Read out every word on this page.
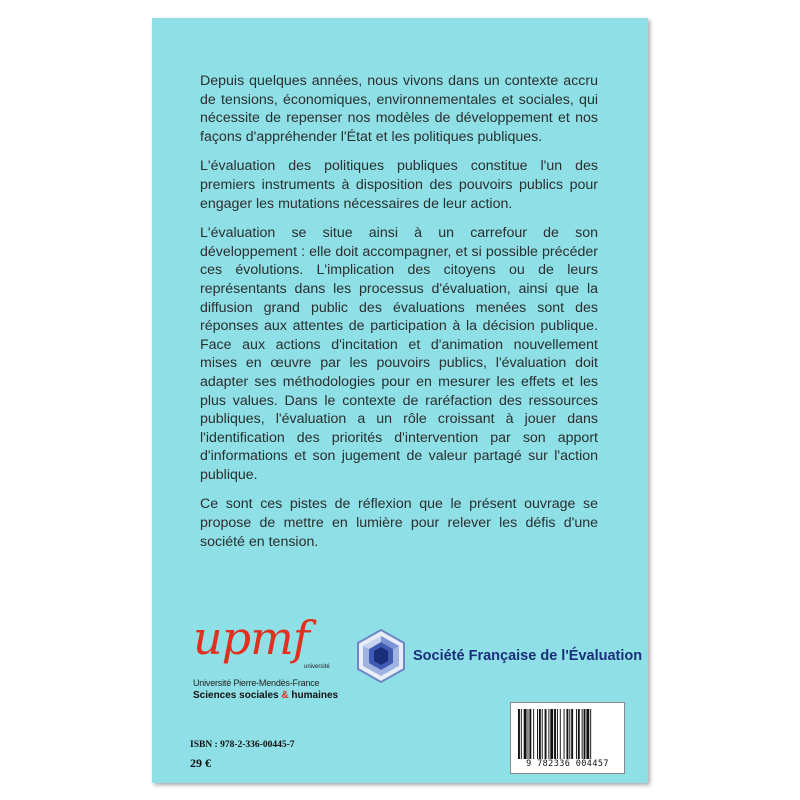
Depuis quelques années, nous vivons dans un contexte accru de tensions, économiques, environnementales et sociales, qui nécessite de repenser nos modèles de développement et nos façons d'appréhender l'État et les politiques publiques.

L'évaluation des politiques publiques constitue l'un des premiers instruments à disposition des pouvoirs publics pour engager les mutations nécessaires de leur action.

L'évaluation se situe ainsi à un carrefour de son développement : elle doit accompagner, et si possible précéder ces évolutions. L'implication des citoyens ou de leurs représentants dans les processus d'évaluation, ainsi que la diffusion grand public des évaluations menées sont des réponses aux attentes de participation à la décision publique. Face aux actions d'incitation et d'animation nouvellement mises en œuvre par les pouvoirs publics, l'évaluation doit adapter ses méthodologies pour en mesurer les effets et les plus values. Dans le contexte de raréfaction des ressources publiques, l'évaluation a un rôle croissant à jouer dans l'identification des priorités d'intervention par son apport d'informations et son jugement de valeur partagé sur l'action publique.

Ce sont ces pistes de réflexion que le présent ouvrage se propose de mettre en lumière pour relever les défis d'une société en tension.

upmf
université
Université Pierre-Mendès-France
Sciences sociales & humaines
Société Française de l'Évaluation
ISBN : 978-2-336-00445-7
29 €	9 782336 004457
